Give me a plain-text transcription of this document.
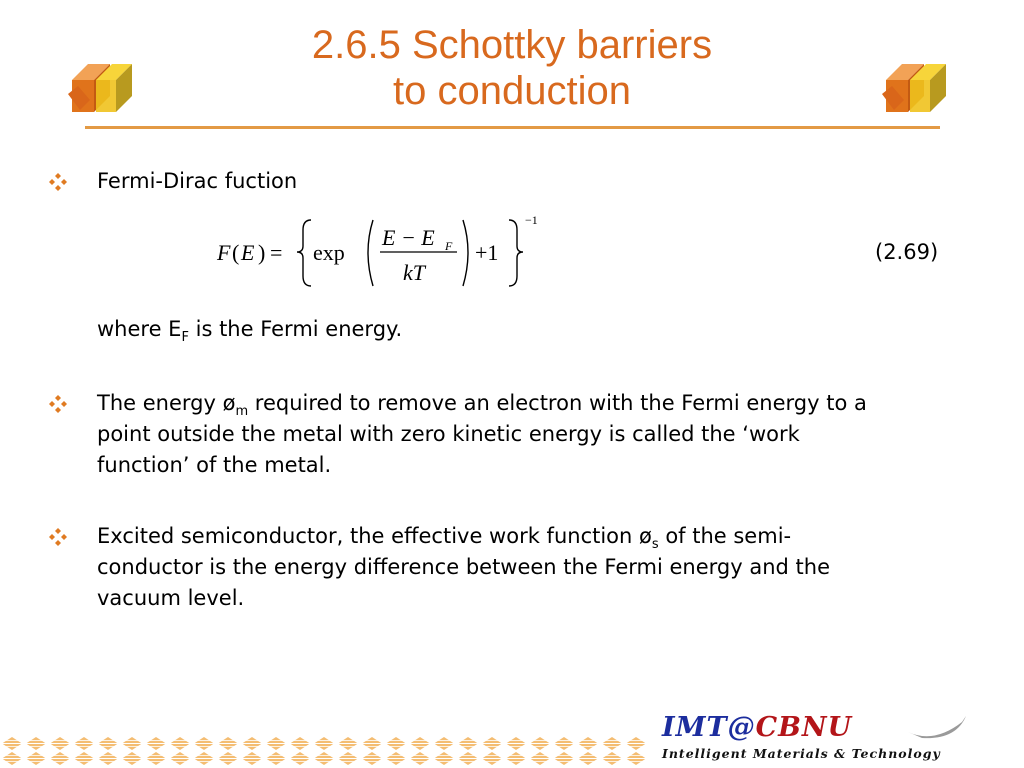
2.6.5 Schottky barriers
to conduction
Fermi-Dirac fuction
F ( E ) = exp
E − E F
kT
+1
−1
(2.69)
where $E_F$ is the Fermi energy.
The energy $ø_m$ required to remove an electron with the Fermi energy to a
point outside the metal with zero kinetic energy is called the ‘work
function’ of the metal.
Excited semiconductor, the effective work function $ø_s$ of the semi-
conductor is the energy difference between the Fermi energy and the
vacuum level.
IMT@CBNU
Intelligent Materials & Technology
